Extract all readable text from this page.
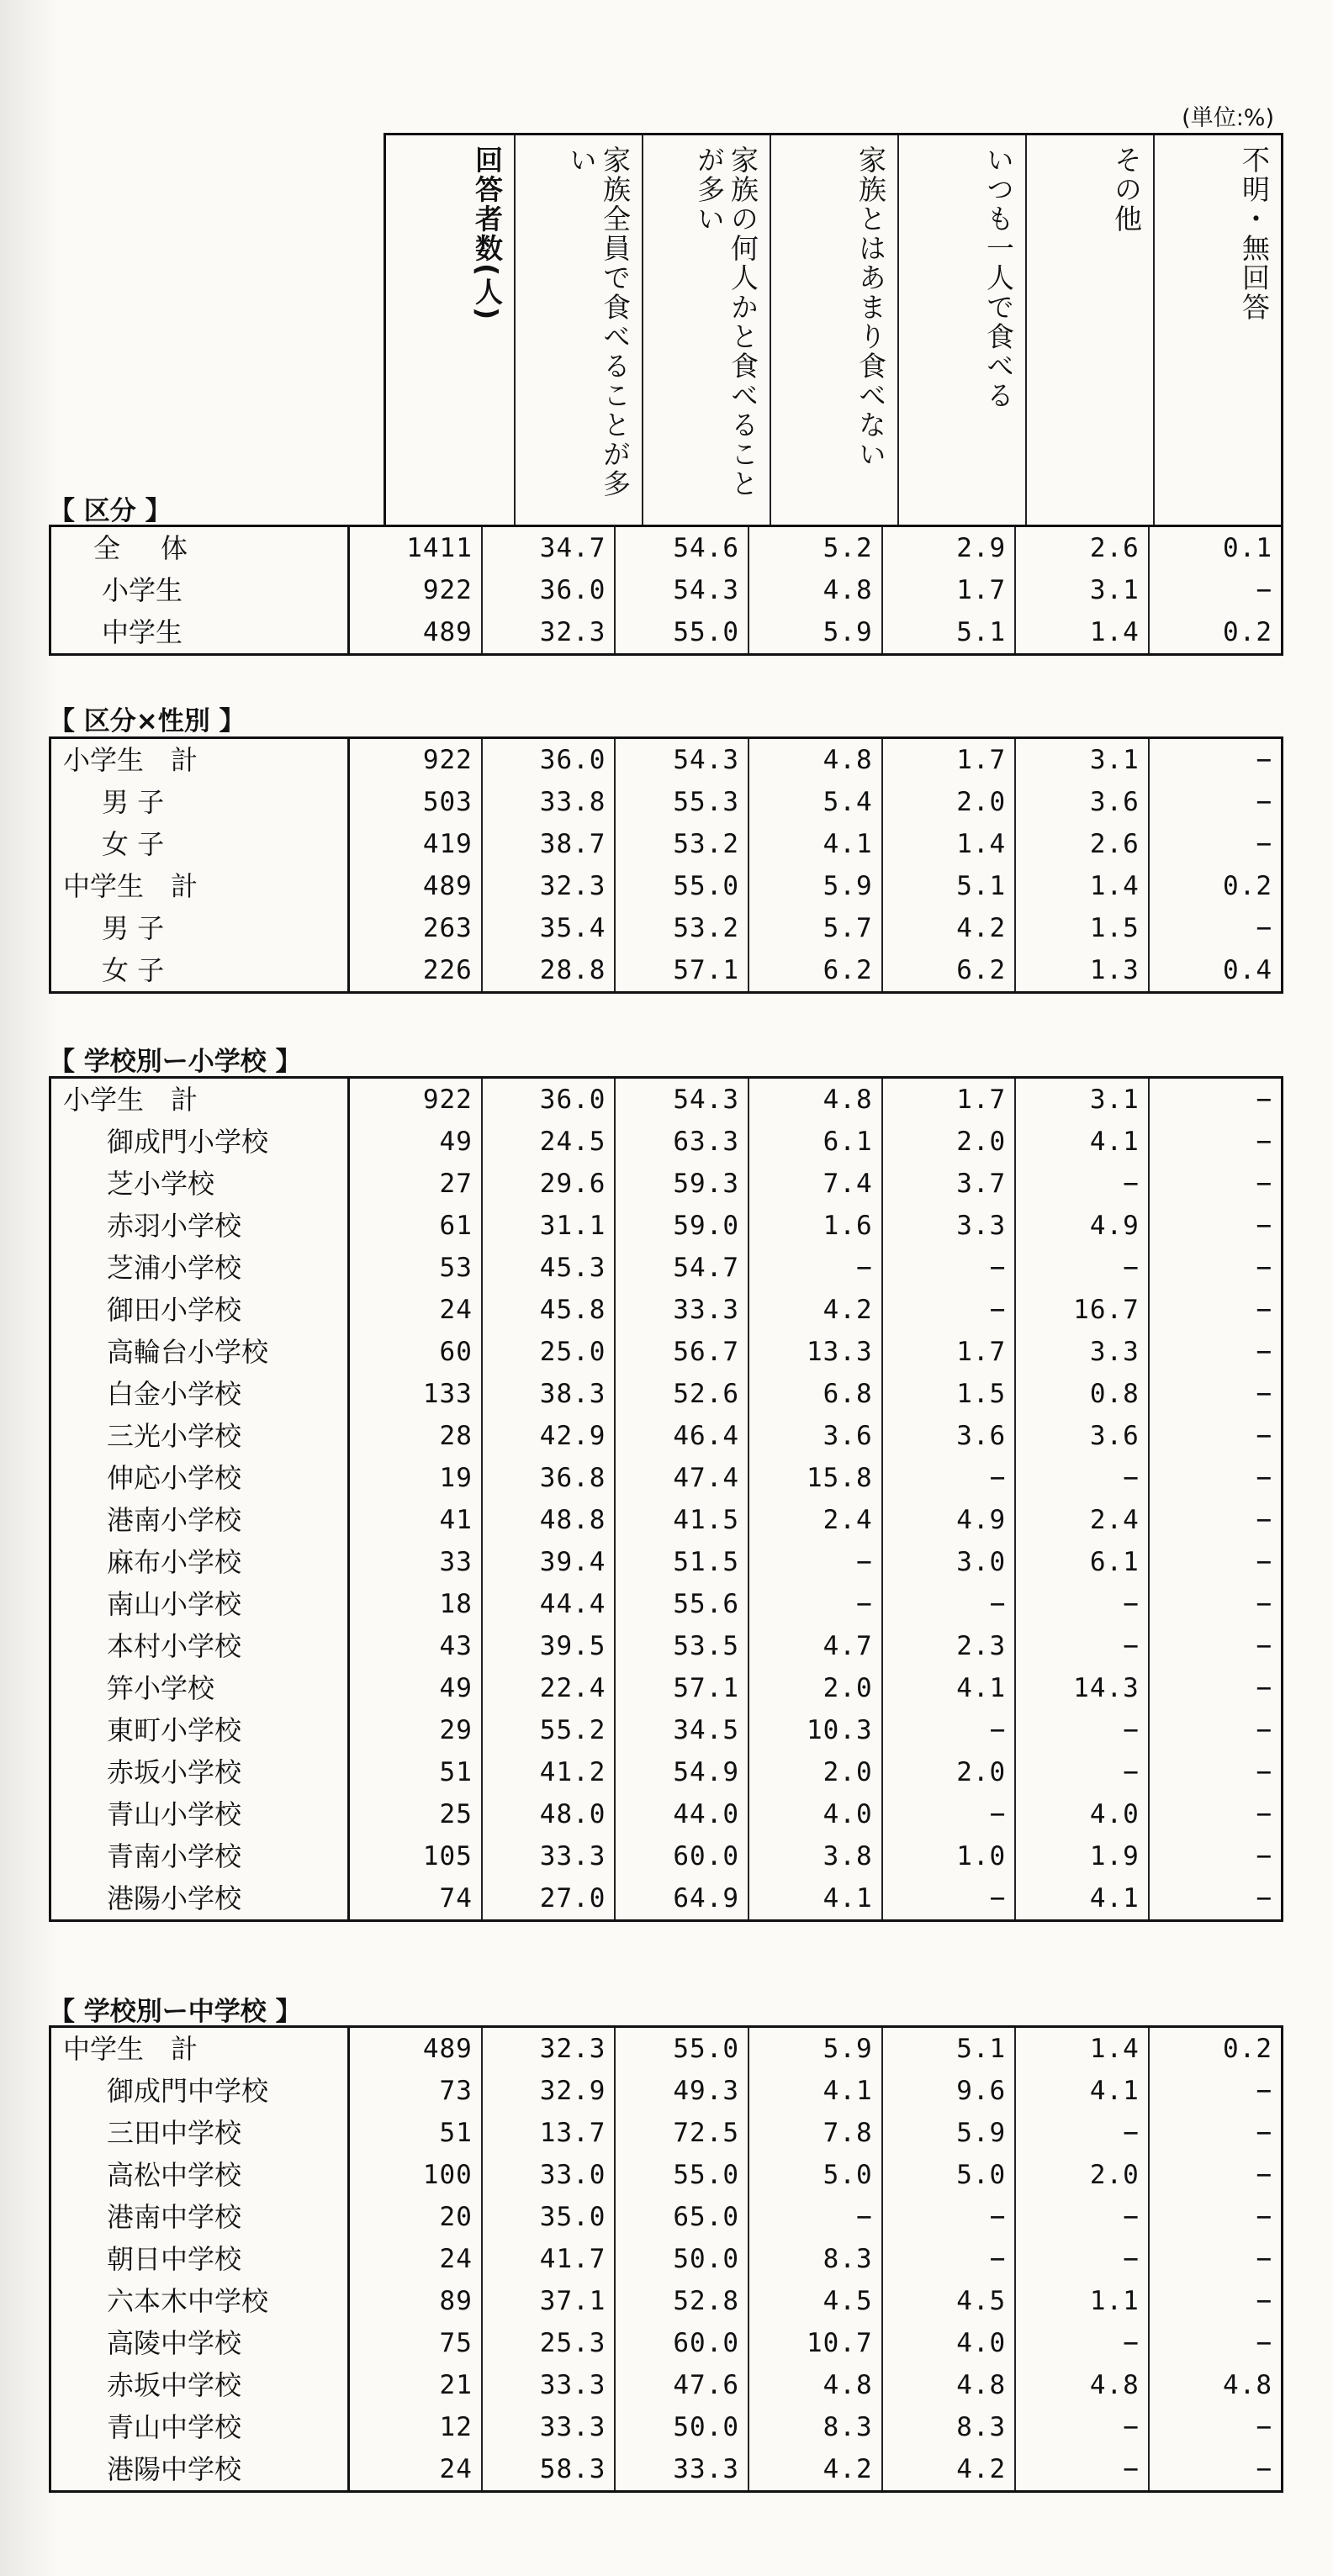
(単位:%)
回答者数(人)	家族全員で食べることが多い	家族の何人かと食べることが多い	家族とはあまり食べない	いつも一人で食べる	その他	不明・無回答
【 区分 】
全　体	1411	34.7	54.6	5.2	2.9	2.6	0.1
小学生	922	36.0	54.3	4.8	1.7	3.1	−
中学生	489	32.3	55.0	5.9	5.1	1.4	0.2
【 区分×性別 】
小学生　計	922	36.0	54.3	4.8	1.7	3.1	−
男 子	503	33.8	55.3	5.4	2.0	3.6	−
女 子	419	38.7	53.2	4.1	1.4	2.6	−
中学生　計	489	32.3	55.0	5.9	5.1	1.4	0.2
男 子	263	35.4	53.2	5.7	4.2	1.5	−
女 子	226	28.8	57.1	6.2	6.2	1.3	0.4
【 学校別ー小学校 】
小学生　計	922	36.0	54.3	4.8	1.7	3.1	−
御成門小学校	49	24.5	63.3	6.1	2.0	4.1	−
芝小学校	27	29.6	59.3	7.4	3.7	−	−
赤羽小学校	61	31.1	59.0	1.6	3.3	4.9	−
芝浦小学校	53	45.3	54.7	−	−	−	−
御田小学校	24	45.8	33.3	4.2	−	16.7	−
高輪台小学校	60	25.0	56.7	13.3	1.7	3.3	−
白金小学校	133	38.3	52.6	6.8	1.5	0.8	−
三光小学校	28	42.9	46.4	3.6	3.6	3.6	−
伸応小学校	19	36.8	47.4	15.8	−	−	−
港南小学校	41	48.8	41.5	2.4	4.9	2.4	−
麻布小学校	33	39.4	51.5	−	3.0	6.1	−
南山小学校	18	44.4	55.6	−	−	−	−
本村小学校	43	39.5	53.5	4.7	2.3	−	−
笄小学校	49	22.4	57.1	2.0	4.1	14.3	−
東町小学校	29	55.2	34.5	10.3	−	−	−
赤坂小学校	51	41.2	54.9	2.0	2.0	−	−
青山小学校	25	48.0	44.0	4.0	−	4.0	−
青南小学校	105	33.3	60.0	3.8	1.0	1.9	−
港陽小学校	74	27.0	64.9	4.1	−	4.1	−
【 学校別ー中学校 】
中学生　計	489	32.3	55.0	5.9	5.1	1.4	0.2
御成門中学校	73	32.9	49.3	4.1	9.6	4.1	−
三田中学校	51	13.7	72.5	7.8	5.9	−	−
高松中学校	100	33.0	55.0	5.0	5.0	2.0	−
港南中学校	20	35.0	65.0	−	−	−	−
朝日中学校	24	41.7	50.0	8.3	−	−	−
六本木中学校	89	37.1	52.8	4.5	4.5	1.1	−
高陵中学校	75	25.3	60.0	10.7	4.0	−	−
赤坂中学校	21	33.3	47.6	4.8	4.8	4.8	4.8
青山中学校	12	33.3	50.0	8.3	8.3	−	−
港陽中学校	24	58.3	33.3	4.2	4.2	−	−
